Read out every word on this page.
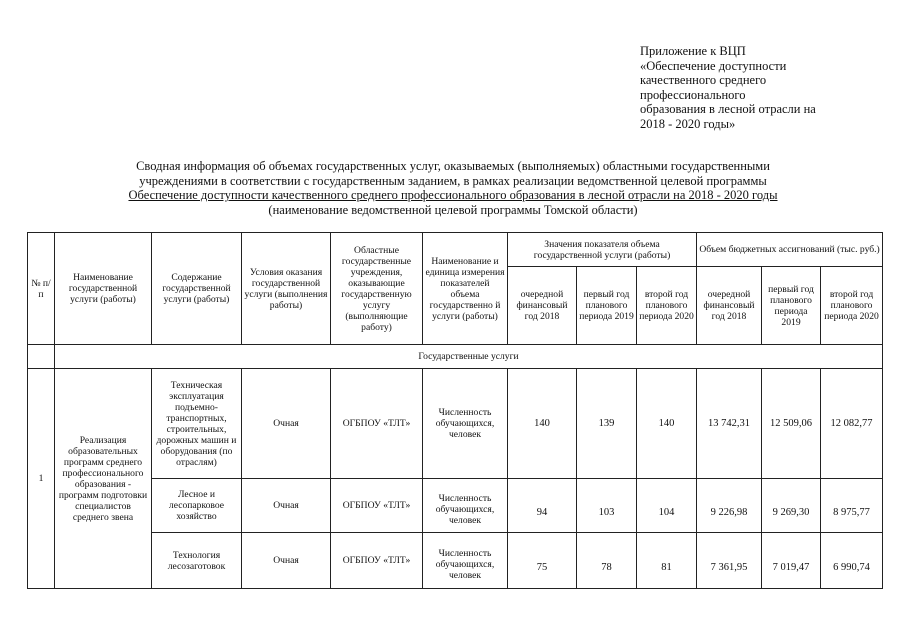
Приложение к ВЦП
«Обеспечение доступности
качественного среднего
профессионального
образования в лесной отрасли на
2018 - 2020 годы»
Сводная информация об объемах государственных услуг, оказываемых (выполняемых) областными государственными
учреждениями в соответствии с государственным заданием, в рамках реализации ведомственной целевой программы
Обеспечение доступности качественного среднего профессионального образования в лесной отрасли на 2018 - 2020 годы
(наименование ведомственной целевой программы Томской области)
№ п/п	Наименование государственной услуги (работы)	Содержание государственной услуги (работы)	Условия оказания государственной услуги (выполнения работы)	Областные государственные учреждения, оказывающие государственную услугу (выполняющие работу)	Наименование и единица измерения показателей объема государственно й услуги (работы)	Значения показателя объема государственной услуги (работы)			Объем бюджетных ассигнований (тыс. руб.)		
						очередной финансовый год 2018	первый год планового периода 2019	второй год планового периода 2020	очередной финансовый год 2018	первый год планового периода 2019	второй год планового периода 2020
	Государственные услуги										
1	Реализация образовательных программ среднего профессионального образования - программ подготовки специалистов среднего звена	Техническая эксплуатация подъемно-транспортных, строительных, дорожных машин и оборудования (по отраслям)	Очная	ОГБПОУ «ТЛТ»	Численность обучающихся, человек	140	139	140	13 742,31	12 509,06	12 082,77
		Лесное и лесопарковое хозяйство	Очная	ОГБПОУ «ТЛТ»	Численность обучающихся, человек	94	103	104	9 226,98	9 269,30	8 975,77
		Технология лесозаготовок	Очная	ОГБПОУ «ТЛТ»	Численность обучающихся, человек	75	78	81	7 361,95	7 019,47	6 990,74
